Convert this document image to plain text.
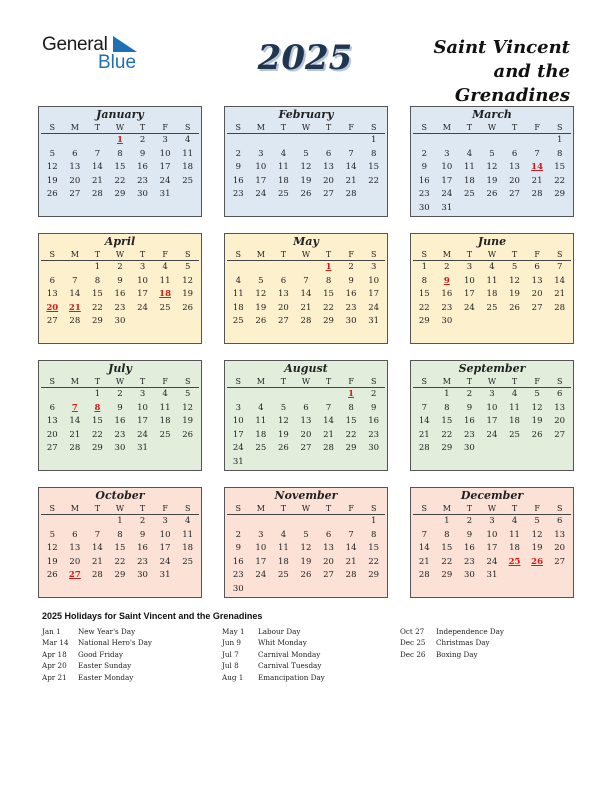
General
Blue	2025	Saint Vincent
and the
Grenadines
January
S	M	T	W	T	F	S
			1	2	3	4
5	6	7	8	9	10	11
12	13	14	15	16	17	18
19	20	21	22	23	24	25
26	27	28	29	30	31	
February
S	M	T	W	T	F	S
						1
2	3	4	5	6	7	8
9	10	11	12	13	14	15
16	17	18	19	20	21	22
23	24	25	26	27	28	
March
S	M	T	W	T	F	S
						1
2	3	4	5	6	7	8
9	10	11	12	13	14	15
16	17	18	19	20	21	22
23	24	25	26	27	28	29
30	31					
April
S	M	T	W	T	F	S
		1	2	3	4	5
6	7	8	9	10	11	12
13	14	15	16	17	18	19
20	21	22	23	24	25	26
27	28	29	30			
May
S	M	T	W	T	F	S
				1	2	3
4	5	6	7	8	9	10
11	12	13	14	15	16	17
18	19	20	21	22	23	24
25	26	27	28	29	30	31
June
S	M	T	W	T	F	S
1	2	3	4	5	6	7
8	9	10	11	12	13	14
15	16	17	18	19	20	21
22	23	24	25	26	27	28
29	30					
July
S	M	T	W	T	F	S
		1	2	3	4	5
6	7	8	9	10	11	12
13	14	15	16	17	18	19
20	21	22	23	24	25	26
27	28	29	30	31		
August
S	M	T	W	T	F	S
					1	2
3	4	5	6	7	8	9
10	11	12	13	14	15	16
17	18	19	20	21	22	23
24	25	26	27	28	29	30
31						
September
S	M	T	W	T	F	S
	1	2	3	4	5	6
7	8	9	10	11	12	13
14	15	16	17	18	19	20
21	22	23	24	25	26	27
28	29	30				
October
S	M	T	W	T	F	S
			1	2	3	4
5	6	7	8	9	10	11
12	13	14	15	16	17	18
19	20	21	22	23	24	25
26	27	28	29	30	31	
November
S	M	T	W	T	F	S
						1
2	3	4	5	6	7	8
9	10	11	12	13	14	15
16	17	18	19	20	21	22
23	24	25	26	27	28	29
30						
December
S	M	T	W	T	F	S
	1	2	3	4	5	6
7	8	9	10	11	12	13
14	15	16	17	18	19	20
21	22	23	24	25	26	27
28	29	30	31			
2025 Holidays for Saint Vincent and the Grenadines
Jan 1 New Year's Day
Mar 14 National Hero's Day
Apr 18 Good Friday
Apr 20 Easter Sunday
Apr 21 Easter Monday
May 1 Labour Day
Jun 9 Whit Monday
Jul 7	Carnival Monday
Jul 8	Carnival Tuesday
Aug 1 Emancipation Day
Oct 27 Independence Day
Dec 25 Christmas Day
Dec 26 Boxing Day
